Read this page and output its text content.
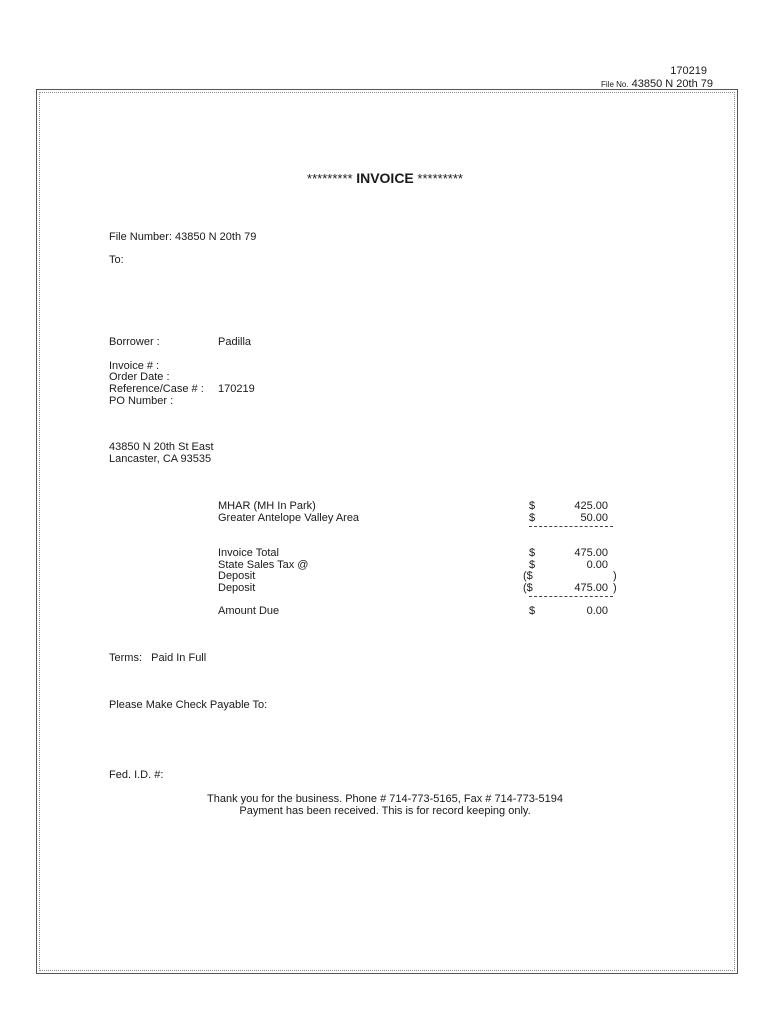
170219
File No. 43850 N 20th 79
********* INVOICE *********
File Number: 43850 N 20th 79
To:
Borrower :	Padilla
Invoice # :
Order Date :
Reference/Case # : 170219
PO Number :
43850 N 20th St East
Lancaster, CA 93535
MHAR (MH In Park)	$	425.00
Greater Antelope Valley Area	$	50.00
Invoice Total	$	475.00
State Sales Tax @	$	0.00
Deposit	($	)
Deposit	($	475.00 )
Amount Due	$	0.00
Terms: Paid In Full
Please Make Check Payable To:
Fed. I.D. #:
Thank you for the business. Phone # 714-773-5165, Fax # 714-773-5194
Payment has been received. This is for record keeping only.
